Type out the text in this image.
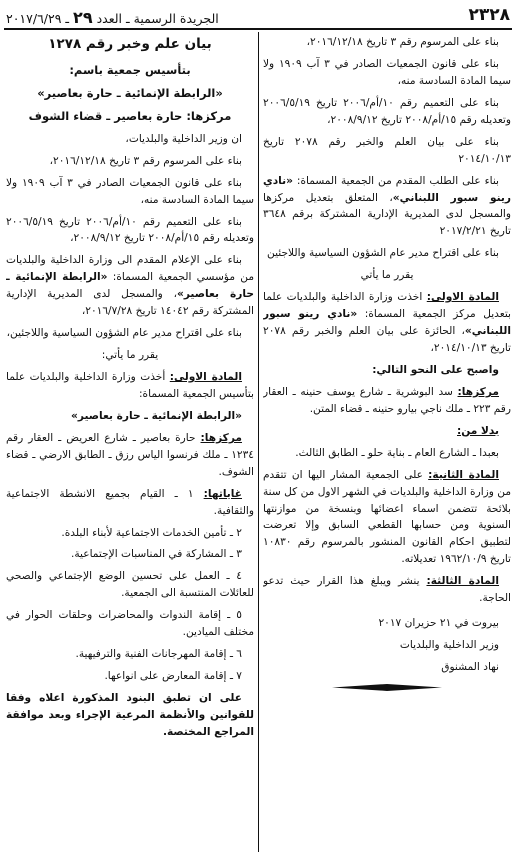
٢٣٢٨
الجريدة الرسمية ـ العدد ٢٩ ـ ٢٠١٧/٦/٢٩

بناء على المرسوم رقم ٣ تاريخ ٢٠١٦/١٢/١٨،

بناء على قانون الجمعيات الصادر في ٣ آب ١٩٠٩ ولا سيما المادة السادسة منه،

بناء على التعميم رقم ١٠/أم/٢٠٠٦ تاريخ ٢٠٠٦/٥/١٩ وتعديله رقم ١٥/أم/٢٠٠٨ تاريخ ٢٠٠٨/٩/١٢،

بناء على بيان العلم والخبر رقم ٢٠٧٨ تاريخ ٢٠١٤/١٠/١٣

بناء على الطلب المقدم من الجمعية المسماة: «نادي رينو سبور اللبناني»، المتعلق بتعديل مركزها والمسجل لدى المديرية الإدارية المشتركة برقم ٣٦٤٨ تاريخ ٢٠١٧/٢/٢١

بناء على اقتراح مدير عام الشؤون السياسية واللاجئين

يقرر ما يأتي

المادة الاولى: اخذت وزارة الداخلية والبلديات علما بتعديل مركز الجمعية المسماة: «نادي رينو سبور اللبناني»، الحائزة على بيان العلم والخبر رقم ٢٠٧٨ تاريخ ٢٠١٤/١٠/١٣،

واصبح على النحو التالي:

مركزها: سد البوشرية ـ شارع يوسف حنينه ـ العقار رقم ٢٢٣ ـ ملك ناجي بيارو حنينه ـ قضاء المتن.

بدلا من:

بعبدا ـ الشارع العام ـ بناية حلو ـ الطابق الثالث.

المادة الثانية: على الجمعية المشار اليها ان تتقدم من وزارة الداخلية والبلديات في الشهر الاول من كل سنة بلائحة تتضمن اسماء اعضائها وبنسخة من موازنتها السنوية ومن حسابها القطعي السابق وإلا تعرضت لتطبيق احكام القانون المنشور بالمرسوم رقم ١٠٨٣٠ تاريخ ١٩٦٢/١٠/٩ تعديلاته.

المادة الثالثة: ينشر ويبلغ هذا القرار حيث تدعو الحاجة.

بيروت في ٢١ حزيران ٢٠١٧

وزير الداخلية والبلديات

نهاد المشنوق

بيان علم وخبر رقم ١٢٧٨

بتأسيس جمعية باسم:

«الرابطة الإنمائية ـ حارة بعاصير»

مركزها: حارة بعاصير ـ قضاء الشوف

ان وزير الداخلية والبلديات،

بناء على المرسوم رقم ٣ تاريخ ٢٠١٦/١٢/١٨،

بناء على قانون الجمعيات الصادر في ٣ آب ١٩٠٩ ولا سيما المادة السادسة منه،

بناء على التعميم رقم ١٠/أم/٢٠٠٦ تاريخ ٢٠٠٦/٥/١٩ وتعديله رقم ١٥/أم/٢٠٠٨ تاريخ ٢٠٠٨/٩/١٢،

بناء على الإعلام المقدم الى وزارة الداخلية والبلديات من مؤسسي الجمعية المسماة: «الرابطة الإنمائية ـ حارة بعاصير»، والمسجل لدى المديرية الإدارية المشتركة رقم ١٤٠٤٢ تاريخ ٢٠١٦/٧/٢٨،

بناء على اقتراح مدير عام الشؤون السياسية واللاجئين،

يقرر ما يأتي:

المادة الاولى: أخذت وزارة الداخلية والبلديات علما بتأسيس الجمعية المسماة:

«الرابطة الإنمائية ـ حارة بعاصير»

مركزها: حارة بعاصير ـ شارع العريض ـ العقار رقم ١٢٣٤ ـ ملك فرنسوا الياس رزق ـ الطابق الارضي ـ قضاء الشوف.

غاياتها: ١ ـ القيام بجميع الانشطة الاجتماعية والثقافية.

٢ ـ تأمين الخدمات الاجتماعية لأبناء البلدة.

٣ ـ المشاركة في المناسبات الإجتماعية.

٤ ـ العمل على تحسين الوضع الإجتماعي والصحي للعائلات المنتسبة الى الجمعية.

٥ ـ إقامة الندوات والمحاضرات وحلقات الحوار في مختلف الميادين.

٦ ـ إقامة المهرجانات الفنية والترفيهية.

٧ ـ إقامة المعارض على انواعها.

على ان تطبق البنود المذكورة اعلاه وفقا للقوانين والأنظمة المرعية الإجراء وبعد موافقة المراجع المختصة.
